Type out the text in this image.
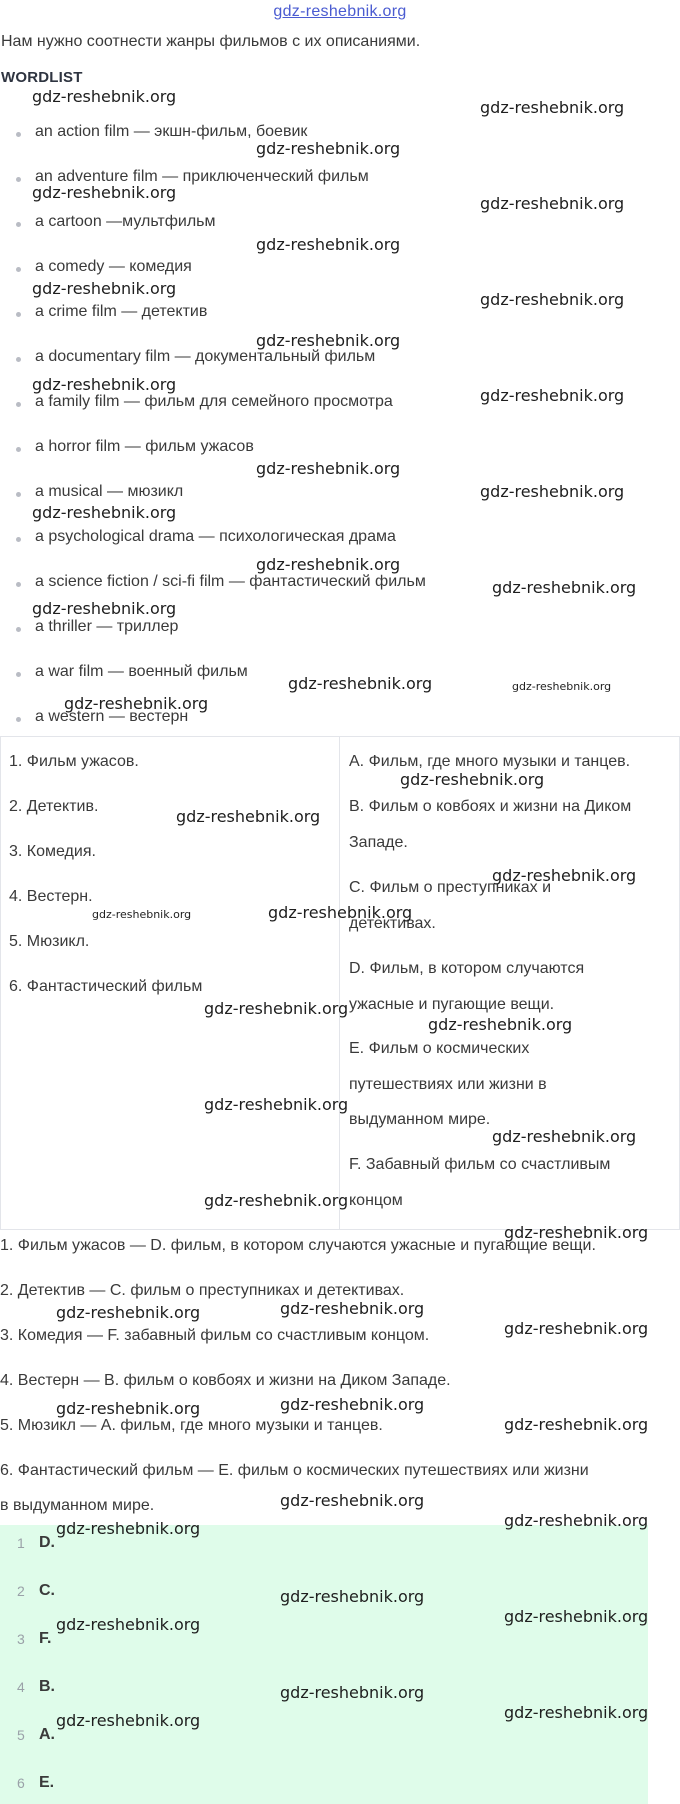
gdz-reshebnik.org
Нам нужно соотнести жанры фильмов с их описаниями.
WORDLIST
an action film — экшн-фильм, боевик
an adventure film — приключенческий фильм
a cartoon —мультфильм
a comedy — комедия
a crime film — детектив
a documentary film — документальный фильм
a family film — фильм для семейного просмотра
a horror film — фильм ужасов
a musical — мюзикл
a psychological drama — психологическая драма
a science fiction / sci-fi film — фантастический фильм
a thriller — триллер
a war film — военный фильм
a western — вестерн
1. Фильм ужасов.
2. Детектив.
3. Комедия.
4. Вестерн.
5. Мюзикл.
6. Фантастический фильм
A. Фильм, где много музыки и танцев.
B. Фильм о ковбоях и жизни на Диком
Западе.
C. Фильм о преступниках и
детективах.
D. Фильм, в котором случаются
ужасные и пугающие вещи.
E. Фильм о космических
путешествиях или жизни в
выдуманном мире.
F. Забавный фильм со счастливым
концом
1. Фильм ужасов — D. фильм, в котором случаются ужасные и пугающие вещи.
2. Детектив — C. фильм о преступниках и детективах.
3. Комедия — F. забавный фильм со счастливым концом.
4. Вестерн — B. фильм о ковбоях и жизни на Диком Западе.
5. Мюзикл — A. фильм, где много музыки и танцев.
6. Фантастический фильм — E. фильм о космических путешествиях или жизни
в выдуманном мире.
1 D.
2 C.
3 F.
4 B.
5 A.
6 E.
gdz-reshebnik.org
gdz-reshebnik.org
gdz-reshebnik.org
gdz-reshebnik.org
gdz-reshebnik.org
gdz-reshebnik.org
gdz-reshebnik.org
gdz-reshebnik.org
gdz-reshebnik.org
gdz-reshebnik.org
gdz-reshebnik.org
gdz-reshebnik.org
gdz-reshebnik.org
gdz-reshebnik.org
gdz-reshebnik.org
gdz-reshebnik.org
gdz-reshebnik.org
gdz-reshebnik.org	gdz-reshebnik.org
gdz-reshebnik.org
gdz-reshebnik.org
gdz-reshebnik.org
gdz-reshebnik.org
gdz-reshebnik.org	gdz-reshebnik.org
gdz-reshebnik.org
gdz-reshebnik.org
gdz-reshebnik.org
gdz-reshebnik.org
gdz-reshebnik.org
gdz-reshebnik.org
gdz-reshebnik.org
gdz-reshebnik.org
gdz-reshebnik.org
gdz-reshebnik.org
gdz-reshebnik.org
gdz-reshebnik.org
gdz-reshebnik.org
gdz-reshebnik.org
gdz-reshebnik.org
gdz-reshebnik.org
gdz-reshebnik.org
gdz-reshebnik.org
gdz-reshebnik.org
gdz-reshebnik.org
gdz-reshebnik.org
